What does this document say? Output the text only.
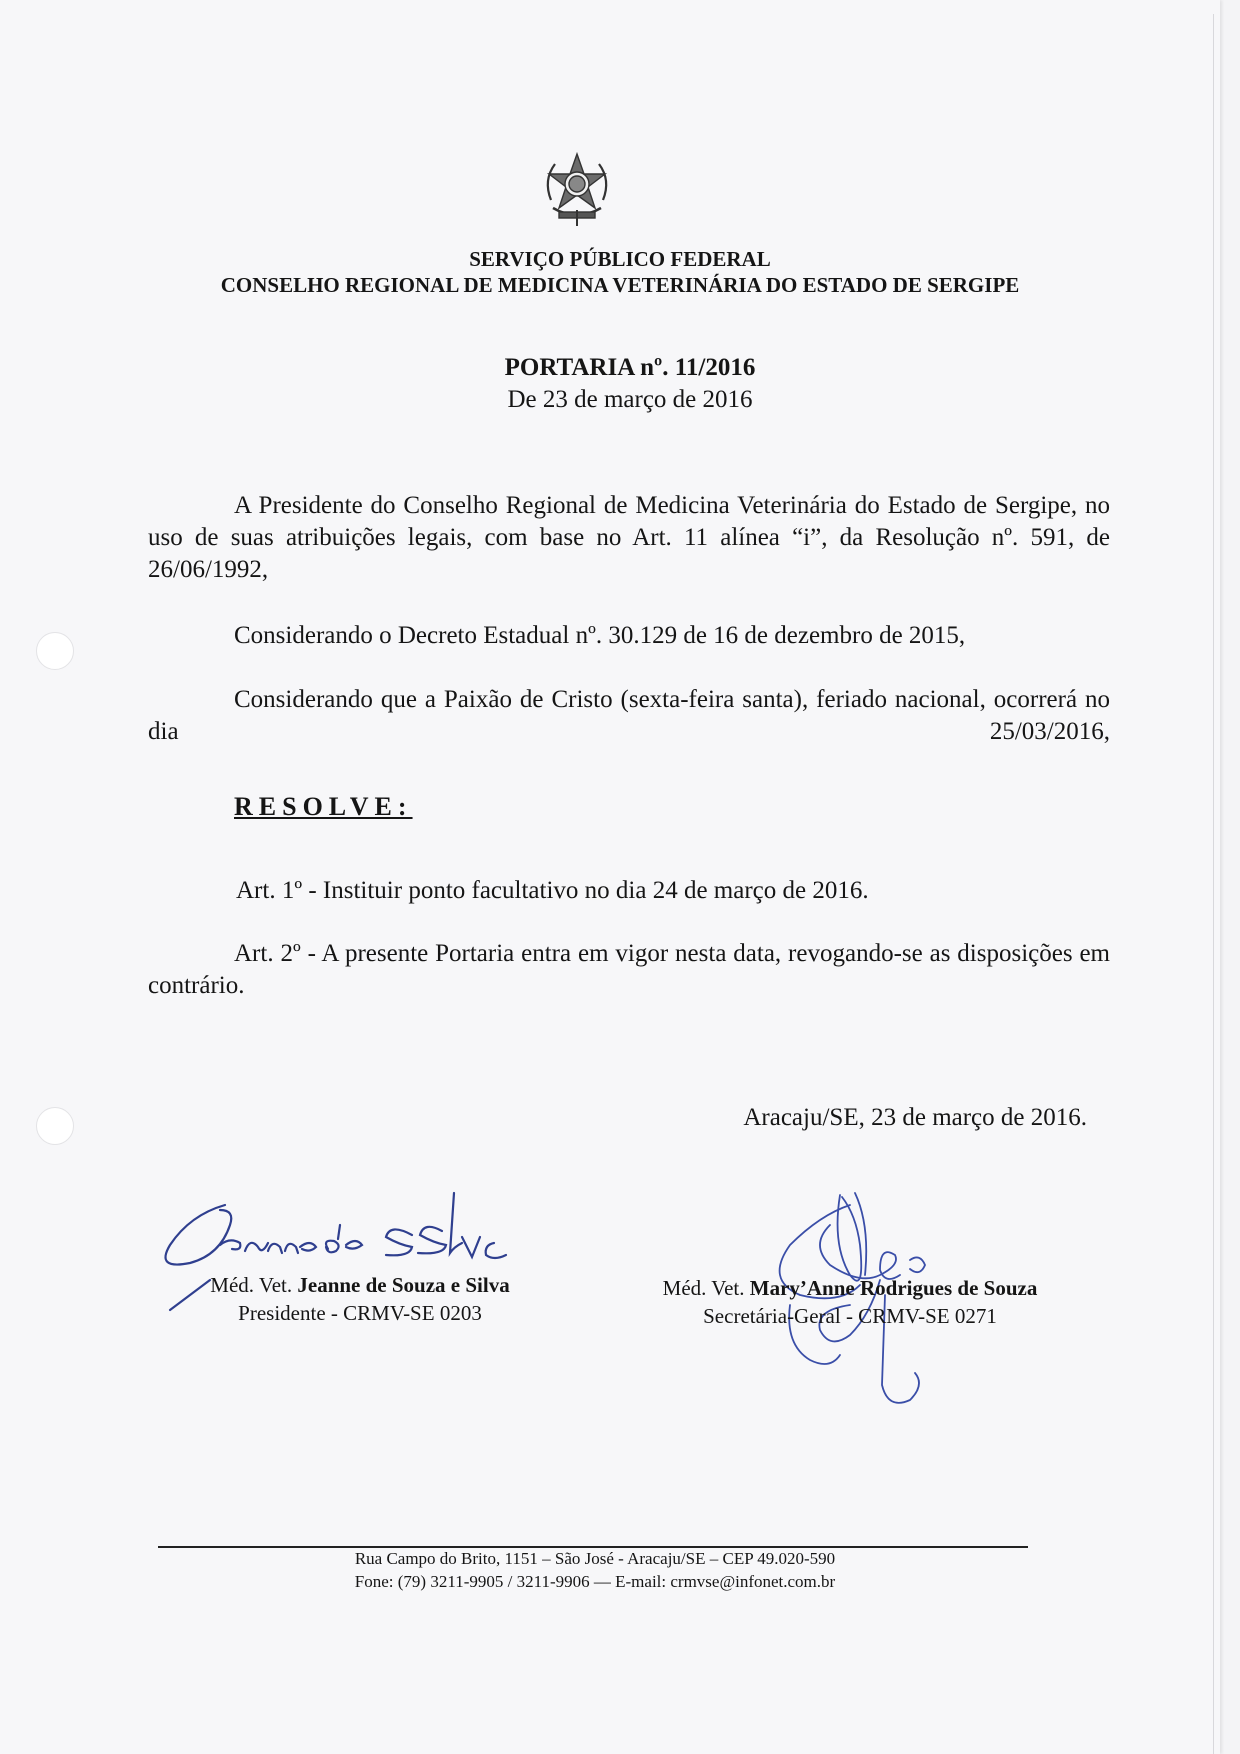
SERVIÇO PÚBLICO FEDERAL
CONSELHO REGIONAL DE MEDICINA VETERINÁRIA DO ESTADO DE SERGIPE
PORTARIA nº. 11/2016
De 23 de março de 2016
A Presidente do Conselho Regional de Medicina Veterinária do Estado de Sergipe, no uso de suas atribuições legais, com base no Art. 11 alínea “i”, da Resolução nº. 591, de 26/06/1992,
Considerando o Decreto Estadual nº. 30.129 de 16 de dezembro de 2015,
Considerando que a Paixão de Cristo (sexta-feira santa), feriado nacional, ocorrerá no dia 25/03/2016,
RESOLVE:
Art. 1º - Instituir ponto facultativo no dia 24 de março de 2016.
Art. 2º - A presente Portaria entra em vigor nesta data, revogando-se as disposições em contrário.
Aracaju/SE, 23 de março de 2016.
Méd. Vet. Jeanne de Souza e Silva
Presidente - CRMV-SE 0203
Méd. Vet. Mary’Anne Rodrigues de Souza
Secretária-Geral - CRMV-SE 0271
Rua Campo do Brito, 1151 – São José - Aracaju/SE – CEP 49.020-590
Fone: (79) 3211-9905 / 3211-9906 — E-mail: crmvse@infonet.com.br
